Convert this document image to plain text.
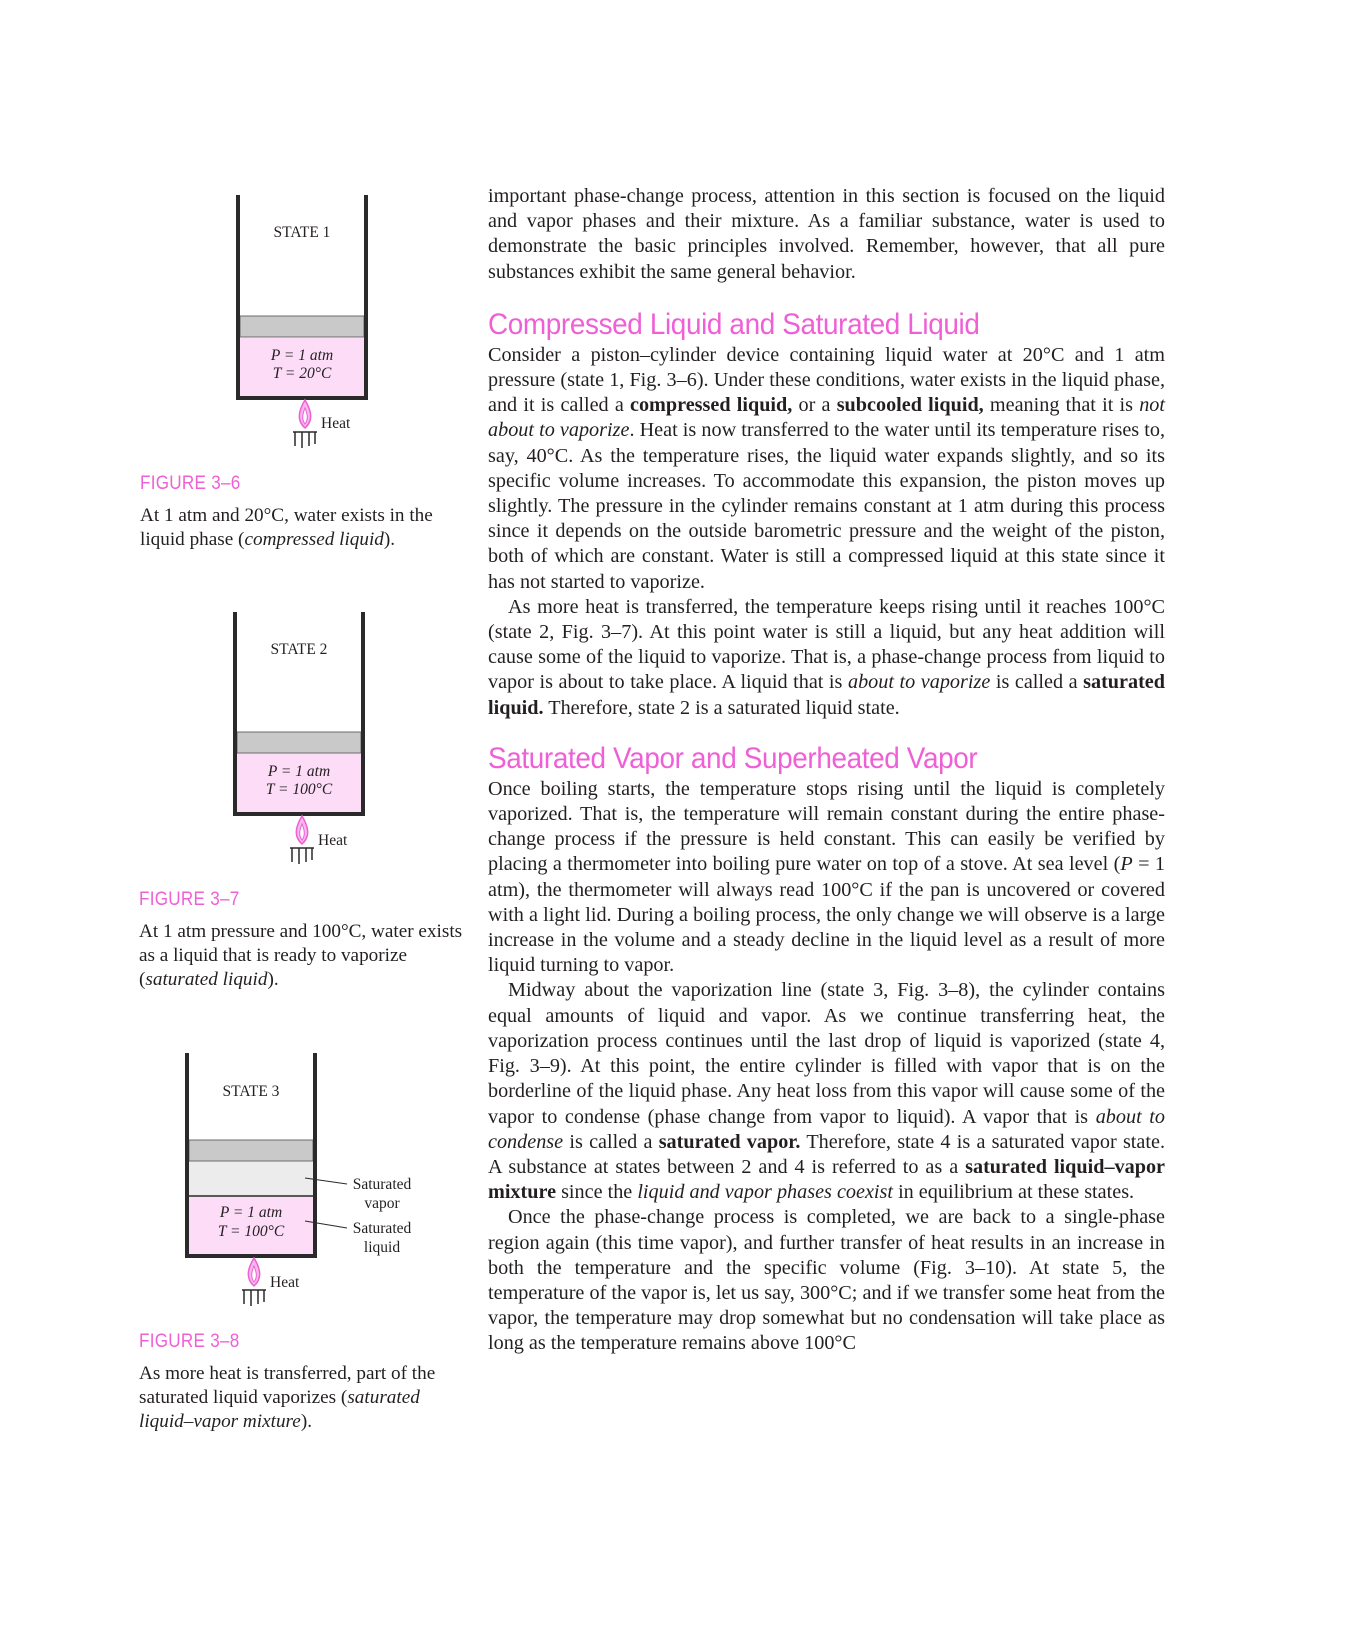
STATE 1
P = 1 atm
T = 20°C
Heat
FIGURE 3–6
At 1 atm and 20°C, water exists in the liquid phase (compressed liquid).
STATE 2
P = 1 atm
T = 100°C
Heat
FIGURE 3–7
At 1 atm pressure and 100°C, water exists as a liquid that is ready to vaporize (saturated liquid).
STATE 3
P = 1 atm
T = 100°C
Saturated
vapor
Saturated
liquid
Heat
FIGURE 3–8
As more heat is transferred, part of the saturated liquid vaporizes (saturated liquid–vapor mixture).

important phase-change process, attention in this section is focused on the liquid and vapor phases and their mixture. As a familiar substance, water is used to demonstrate the basic principles involved. Remember, however, that all pure substances exhibit the same general behavior.

Compressed Liquid and Saturated Liquid

Consider a piston–cylinder device containing liquid water at 20°C and 1 atm pressure (state 1, Fig. 3–6). Under these conditions, water exists in the liquid phase, and it is called a compressed liquid, or a subcooled liquid, meaning that it is not about to vaporize. Heat is now transferred to the water until its temperature rises to, say, 40°C. As the temperature rises, the liquid water expands slightly, and so its specific volume increases. To accommodate this expansion, the piston moves up slightly. The pressure in the cylinder remains constant at 1 atm during this process since it depends on the outside barometric pressure and the weight of the piston, both of which are constant. Water is still a compressed liquid at this state since it has not started to vaporize.

As more heat is transferred, the temperature keeps rising until it reaches 100°C (state 2, Fig. 3–7). At this point water is still a liquid, but any heat addition will cause some of the liquid to vaporize. That is, a phase-change process from liquid to vapor is about to take place. A liquid that is about to vaporize is called a saturated liquid. Therefore, state 2 is a saturated liquid state.

Saturated Vapor and Superheated Vapor

Once boiling starts, the temperature stops rising until the liquid is completely vaporized. That is, the temperature will remain constant during the entire phase-change process if the pressure is held constant. This can easily be verified by placing a thermometer into boiling pure water on top of a stove. At sea level (P = 1 atm), the thermometer will always read 100°C if the pan is uncovered or covered with a light lid. During a boiling process, the only change we will observe is a large increase in the volume and a steady decline in the liquid level as a result of more liquid turning to vapor.

Midway about the vaporization line (state 3, Fig. 3–8), the cylinder contains equal amounts of liquid and vapor. As we continue transferring heat, the vaporization process continues until the last drop of liquid is vaporized (state 4, Fig. 3–9). At this point, the entire cylinder is filled with vapor that is on the borderline of the liquid phase. Any heat loss from this vapor will cause some of the vapor to condense (phase change from vapor to liquid). A vapor that is about to condense is called a saturated vapor. Therefore, state 4 is a saturated vapor state. A substance at states between 2 and 4 is referred to as a saturated liquid–vapor mixture since the liquid and vapor phases coexist in equilibrium at these states.

Once the phase-change process is completed, we are back to a single-phase region again (this time vapor), and further transfer of heat results in an increase in both the temperature and the specific volume (Fig. 3–10). At state 5, the temperature of the vapor is, let us say, 300°C; and if we transfer some heat from the vapor, the temperature may drop somewhat but no condensation will take place as long as the temperature remains above 100°C
